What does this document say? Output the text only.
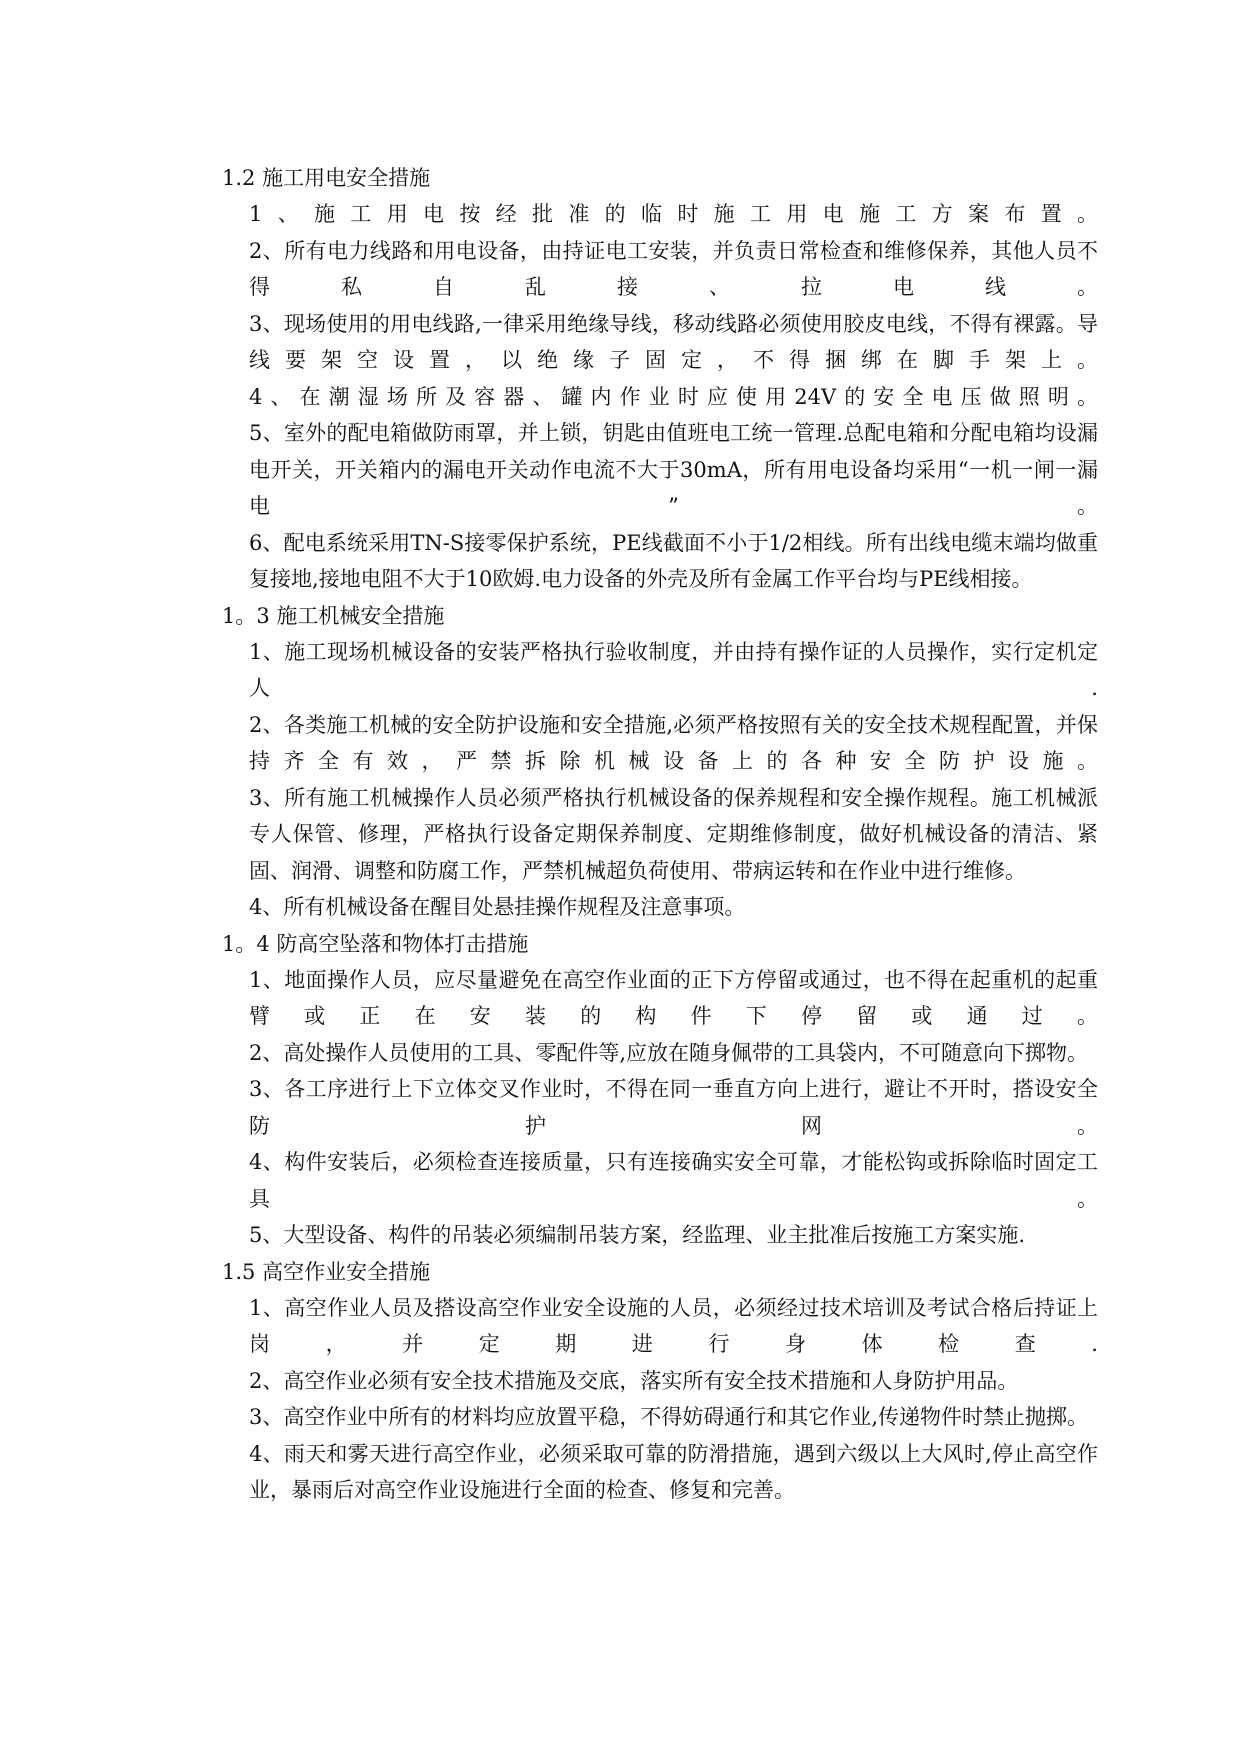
1.2 施工用电安全措施
1、施工用电按经批准的临时施工用电施工方案布置。
2、所有电力线路和用电设备，由持证电工安装，并负责日常检查和维修保养，其他人员不得私自乱接、拉电线。
3、现场使用的用电线路,一律采用绝缘导线，移动线路必须使用胶皮电线，不得有裸露。导线要架空设置，以绝缘子固定，不得捆绑在脚手架上。
4、在潮湿场所及容器、罐内作业时应使用24V的安全电压做照明。
5、室外的配电箱做防雨罩，并上锁，钥匙由值班电工统一管理.总配电箱和分配电箱均设漏电开关，开关箱内的漏电开关动作电流不大于30mA，所有用电设备均采用“一机一闸一漏电”。
6、配电系统采用TN-S接零保护系统，PE线截面不小于1/2相线。所有出线电缆末端均做重复接地,接地电阻不大于10欧姆.电力设备的外壳及所有金属工作平台均与PE线相接。
1。3 施工机械安全措施
1、施工现场机械设备的安装严格执行验收制度，并由持有操作证的人员操作，实行定机定人.
2、各类施工机械的安全防护设施和安全措施,必须严格按照有关的安全技术规程配置，并保持齐全有效，严禁拆除机械设备上的各种安全防护设施。
3、所有施工机械操作人员必须严格执行机械设备的保养规程和安全操作规程。施工机械派专人保管、修理，严格执行设备定期保养制度、定期维修制度，做好机械设备的清洁、紧固、润滑、调整和防腐工作，严禁机械超负荷使用、带病运转和在作业中进行维修。
4、所有机械设备在醒目处悬挂操作规程及注意事项。
1。4 防高空坠落和物体打击措施
1、地面操作人员，应尽量避免在高空作业面的正下方停留或通过，也不得在起重机的起重臂或正在安装的构件下停留或通过。
2、高处操作人员使用的工具、零配件等,应放在随身佩带的工具袋内，不可随意向下掷物。
3、各工序进行上下立体交叉作业时，不得在同一垂直方向上进行，避让不开时，搭设安全防护网。
4、构件安装后，必须检查连接质量，只有连接确实安全可靠，才能松钩或拆除临时固定工具。
5、大型设备、构件的吊装必须编制吊装方案，经监理、业主批准后按施工方案实施.
1.5 高空作业安全措施
1、高空作业人员及搭设高空作业安全设施的人员，必须经过技术培训及考试合格后持证上岗，并定期进行身体检查.
2、高空作业必须有安全技术措施及交底，落实所有安全技术措施和人身防护用品。
3、高空作业中所有的材料均应放置平稳，不得妨碍通行和其它作业,传递物件时禁止抛掷。
4、雨天和雾天进行高空作业，必须采取可靠的防滑措施，遇到六级以上大风时,停止高空作业，暴雨后对高空作业设施进行全面的检查、修复和完善。
